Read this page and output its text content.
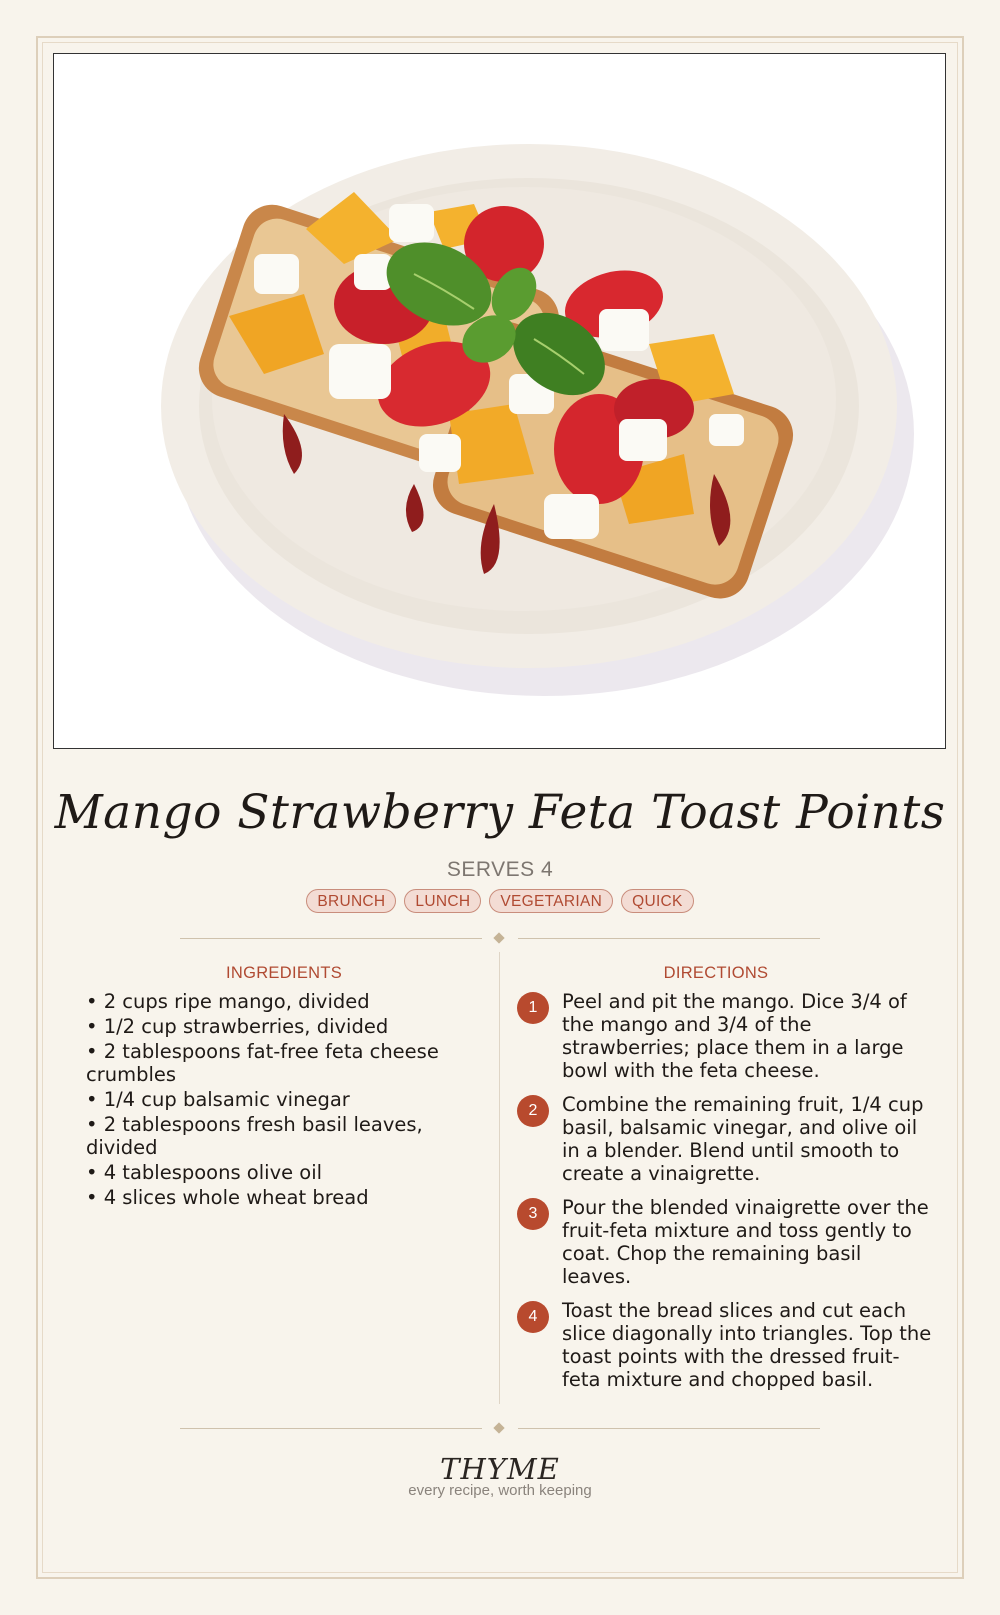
Mango Strawberry Feta Toast Points
SERVES 4
BRUNCH	LUNCH	VEGETARIAN	QUICK
INGREDIENTS
• 2 cups ripe mango, divided
• 1/2 cup strawberries, divided
• 2 tablespoons fat-free feta cheese crumbles
• 1/4 cup balsamic vinegar
• 2 tablespoons fresh basil leaves, divided
• 4 tablespoons olive oil
• 4 slices whole wheat bread
DIRECTIONS
1	Peel and pit the mango. Dice 3/4 of the mango and 3/4 of the strawberries; place them in a large bowl with the feta cheese.
2	Combine the remaining fruit, 1/4 cup basil, balsamic vinegar, and olive oil in a blender. Blend until smooth to create a vinaigrette.
3	Pour the blended vinaigrette over the fruit-feta mixture and toss gently to coat. Chop the remaining basil leaves.
4	Toast the bread slices and cut each slice diagonally into triangles. Top the toast points with the dressed fruit-feta mixture and chopped basil.
THYME
every recipe, worth keeping
